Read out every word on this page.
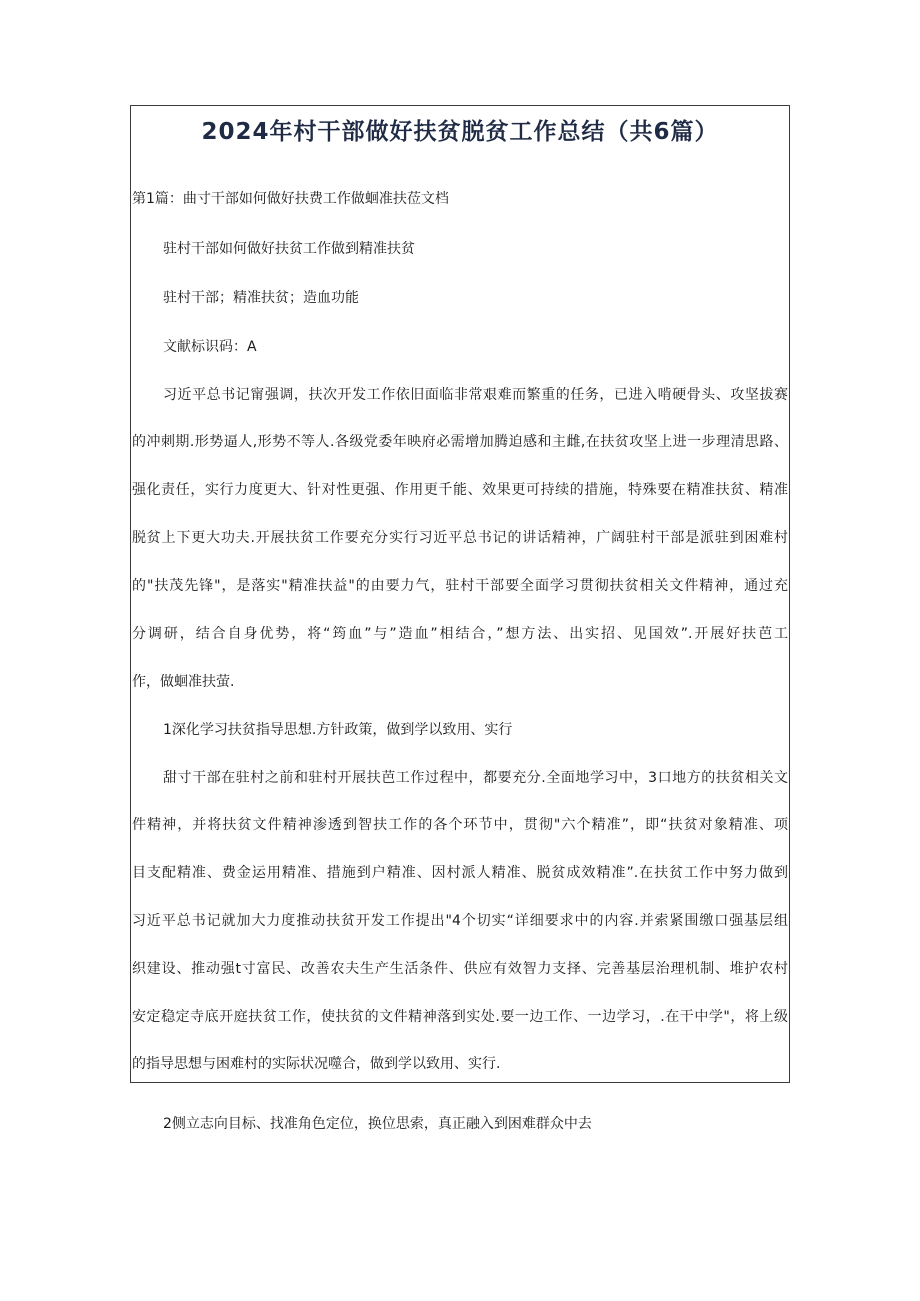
2024年村干部做好扶贫脱贫工作总结（共6篇）

第1篇：曲寸干部如何做好扶费工作做蛔准扶莅文档

驻村干部如何做好扶贫工作做到精准扶贫

驻村干部；精准扶贫；造血功能

文献标识码：A

习近平总书记甯强调，扶次开发工作依旧面临非常艰难而繁重的任务，已进入啃硬骨头、攻坚拔赛

的冲刺期.形势逼人,形势不等人.各级党委年映府必需增加腾迫感和主雌,在扶贫攻坚上进一步理清思路、

强化责任，实行力度更大、针对性更强、作用更千能、效果更可持续的措施，特殊要在精准扶贫、精准

脱贫上下更大功夫.开展扶贫工作要充分实行习近平总书记的讲话精神，广阔驻村干部是派驻到困难村

的"扶茂先锋"，是落实"精准扶益"的由要力气，驻村干部要全面学习贯彻扶贫相关文件精神，通过充

分调研，结合自身优势，将“筠血”与”造血”相结合，”想方法、出实招、见国效”.开展好扶芭工

作，做蛔准扶萤.

1深化学习扶贫指导思想.方针政策，做到学以致用、实行

甜寸干部在驻村之前和驻村开展扶芭工作过程中，都要充分.全面地学习中，3口地方的扶贫相关文

件精神，并将扶贫文件精神渗透到智扶工作的各个环节中，贯彻"六个精准”，即“扶贫对象精准、项

目支配精准、费金运用精准、措施到户精准、因村派人精准、脱贫成效精准”.在扶贫工作中努力做到

习近平总书记就加大力度推动扶贫开发工作提出"4个切实“详细要求中的内容.并索紧围缴口强基层组

织建设、推动强t寸富民、改善农夫生产生活条件、供应有效智力支择、完善基层治理机制、堆护农村

安定稳定寺底开庭扶贫工作，使扶贫的文件精神落到实处.要一边工作、一边学习，.在干中学"，将上级

的指导思想与困难村的实际状况噬合，做到学以致用、实行.

2侧立志向目标、找准角色定位，换位思索，真正融入到困难群众中去
